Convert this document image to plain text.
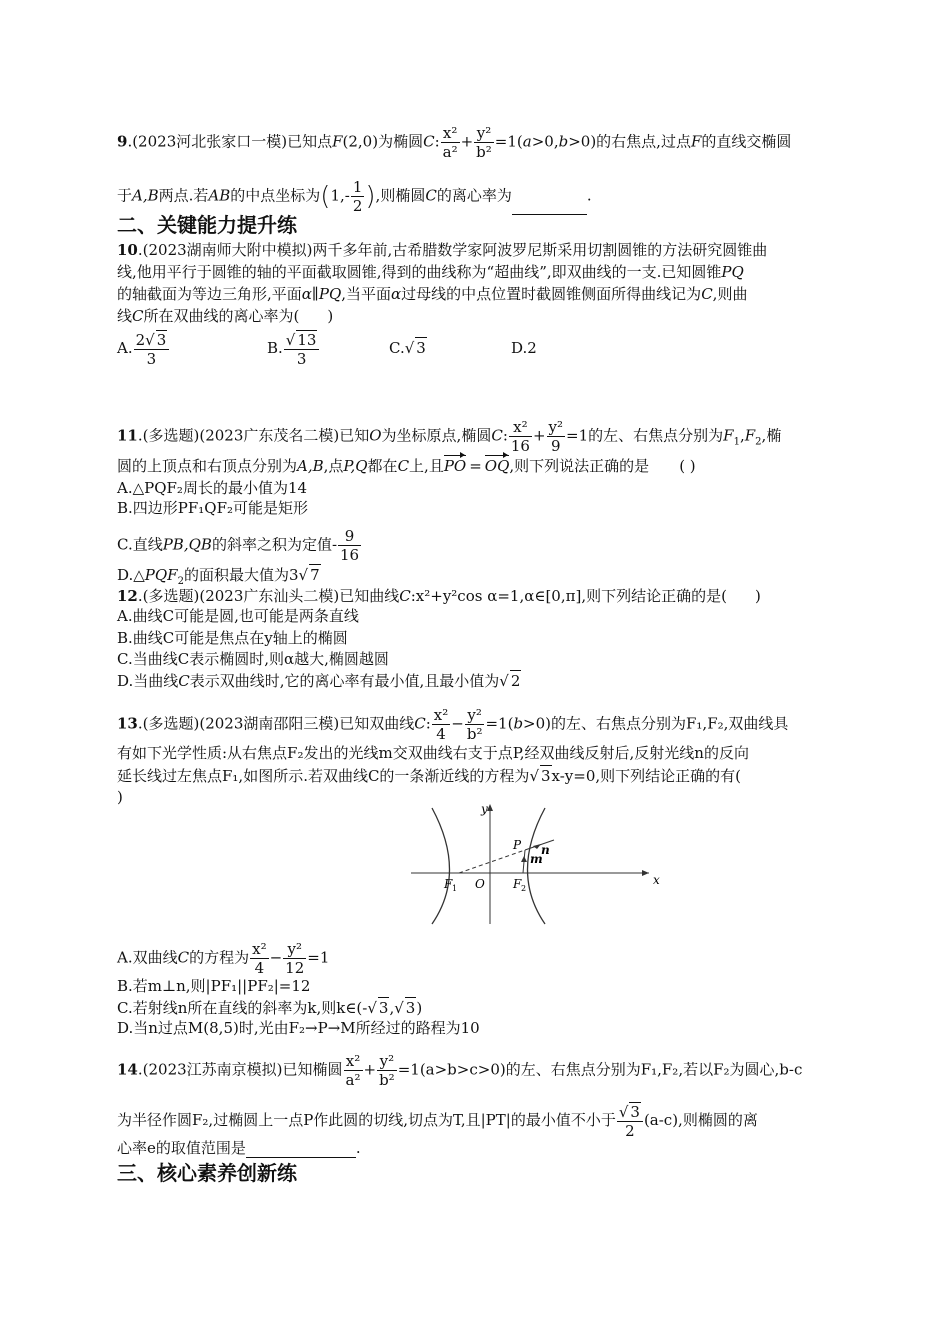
9.(2023河北张家口一模)已知点F(2,0)为椭圆C: $\frac{\text{x²}}{\text{a²}} + \frac{\text{y²}}{\text{b²}} =1(a>0,b>0)$的右焦点,过点F的直线交椭圆
于A,B两点.若AB的中点坐标为($1,- \frac{1}{2}$ ),则椭圆C的离心率为	.
二、关键能力提升练
10.(2023湖南师大附中模拟)两千多年前,古希腊数学家阿波罗尼斯采用切割圆锥的方法研究圆锥曲
线,他用平行于圆锥的轴的平面截取圆锥,得到的曲线称为“超曲线”,即双曲线的一支.已知圆锥PQ
的轴截面为等边三角形,平面α∥PQ,当平面α过母线的中点位置时截圆锥侧面所得曲线记为C,则曲
线C所在双曲线的离心率为( )
A. $\frac{2√ 3}{3}$	B. $\frac{√ 13}{3}$	C.√ 3	D.2
11.(多选题)(2023广东茂名二模)已知O为坐标原点,椭圆C: $\frac{\text{x²}}{16} + \frac{\text{y²}}{9} =1$的左、右焦点分别为$F_1,F_2$,椭
圆的上顶点和右顶点分别为A,B,点P,Q都在C上,且PO = OQ,则下列说法正确的是 ( )
A.△PQF₂周长的最小值为14
B.四边形PF₁QF₂可能是矩形
C.直线PB,QB的斜率之积为定值- $\frac{9}{16}$
$D.\triangle PQF_2$的面积最大值为3√ 7
12.(多选题)(2023广东汕头二模)已知曲线C:x²+y²cos α=1,α∈[0,π],则下列结论正确的是( )
A.曲线C可能是圆,也可能是两条直线
B.曲线C可能是焦点在y轴上的椭圆
C.当曲线C表示椭圆时,则α越大,椭圆越圆
D.当曲线C表示双曲线时,它的离心率有最小值,且最小值为√ 2
13.(多选题)(2023湖南邵阳三模)已知双曲线C: $\frac{\text{x²}}{4} - \frac{\text{y²}}{\text{b²}} =1(b>0)$的左、右焦点分别为F₁,F₂,双曲线具
有如下光学性质:从右焦点F₂发出的光线m交双曲线右支于点P,经双曲线反射后,反射光线n的反向
延长线过左焦点F₁,如图所示.若双曲线C的一条渐近线的方程为√ 3x-y=0,则下列结论正确的有(
)
y
x
O
F 1	F 2
P
m
n
A.双曲线C的方程为 $\frac{\text{x²}}{4} - \frac{\text{y²}}{12} =1$
B.若m⊥n,则|PF₁||PF₂|=12
C.若射线n所在直线的斜率为k,则k∈(-√ 3,√ 3)
D.当n过点M(8,5)时,光由F₂→P→M所经过的路程为10
14.(2023江苏南京模拟)已知椭圆 $\frac{\text{x²}}{\text{a²}} + \frac{\text{y²}}{\text{b²}} =1(a>b>c>0)$的左、右焦点分别为F₁,F₂,若以F₂为圆心,b-c
为半径作圆F₂,过椭圆上一点P作此圆的切线,切点为T,且|PT|的最小值不小于 $\frac{√ 3}{2} (a-c)$,则椭圆的离
心率e的取值范围是	.
三、核心素养创新练
